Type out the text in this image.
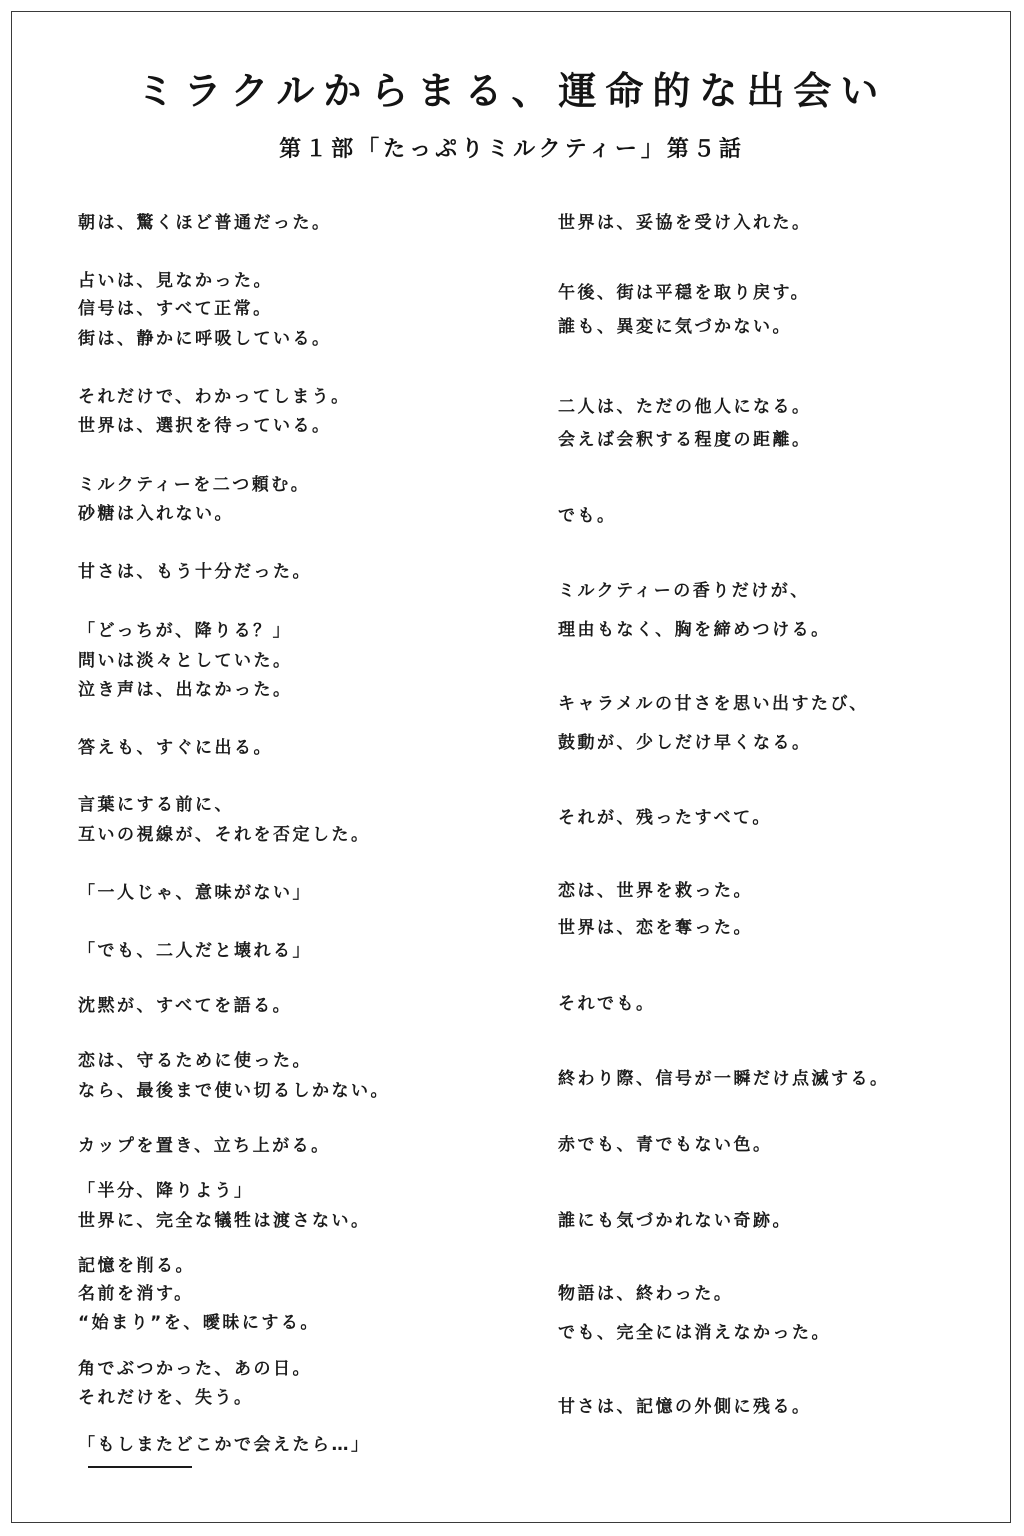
ミラクルからまる、運命的な出会い
第１部「たっぷりミルクティー」第５話
朝は、驚くほど普通だった。
占いは、見なかった。
信号は、すべて正常。
街は、静かに呼吸している。
それだけで、わかってしまう。
世界は、選択を待っている。
ミルクティーを二つ頼む。
砂糖は入れない。
甘さは、もう十分だった。
「どっちが、降りる？」
問いは淡々としていた。
泣き声は、出なかった。
答えも、すぐに出る。
言葉にする前に、
互いの視線が、それを否定した。
「一人じゃ、意味がない」
「でも、二人だと壊れる」
沈黙が、すべてを語る。
恋は、守るために使った。
なら、最後まで使い切るしかない。
カップを置き、立ち上がる。
「半分、降りよう」
世界に、完全な犠牲は渡さない。
記憶を削る。
名前を消す。
“始まり”を、曖昧にする。
角でぶつかった、あの日。
それだけを、失う。
「もしまたどこかで会えたら…」
世界は、妥協を受け入れた。
午後、街は平穏を取り戻す。
誰も、異変に気づかない。
二人は、ただの他人になる。
会えば会釈する程度の距離。
でも。
ミルクティーの香りだけが、
理由もなく、胸を締めつける。
キャラメルの甘さを思い出すたび、
鼓動が、少しだけ早くなる。
それが、残ったすべて。
恋は、世界を救った。
世界は、恋を奪った。
それでも。
終わり際、信号が一瞬だけ点滅する。
赤でも、青でもない色。
誰にも気づかれない奇跡。
物語は、終わった。
でも、完全には消えなかった。
甘さは、記憶の外側に残る。
